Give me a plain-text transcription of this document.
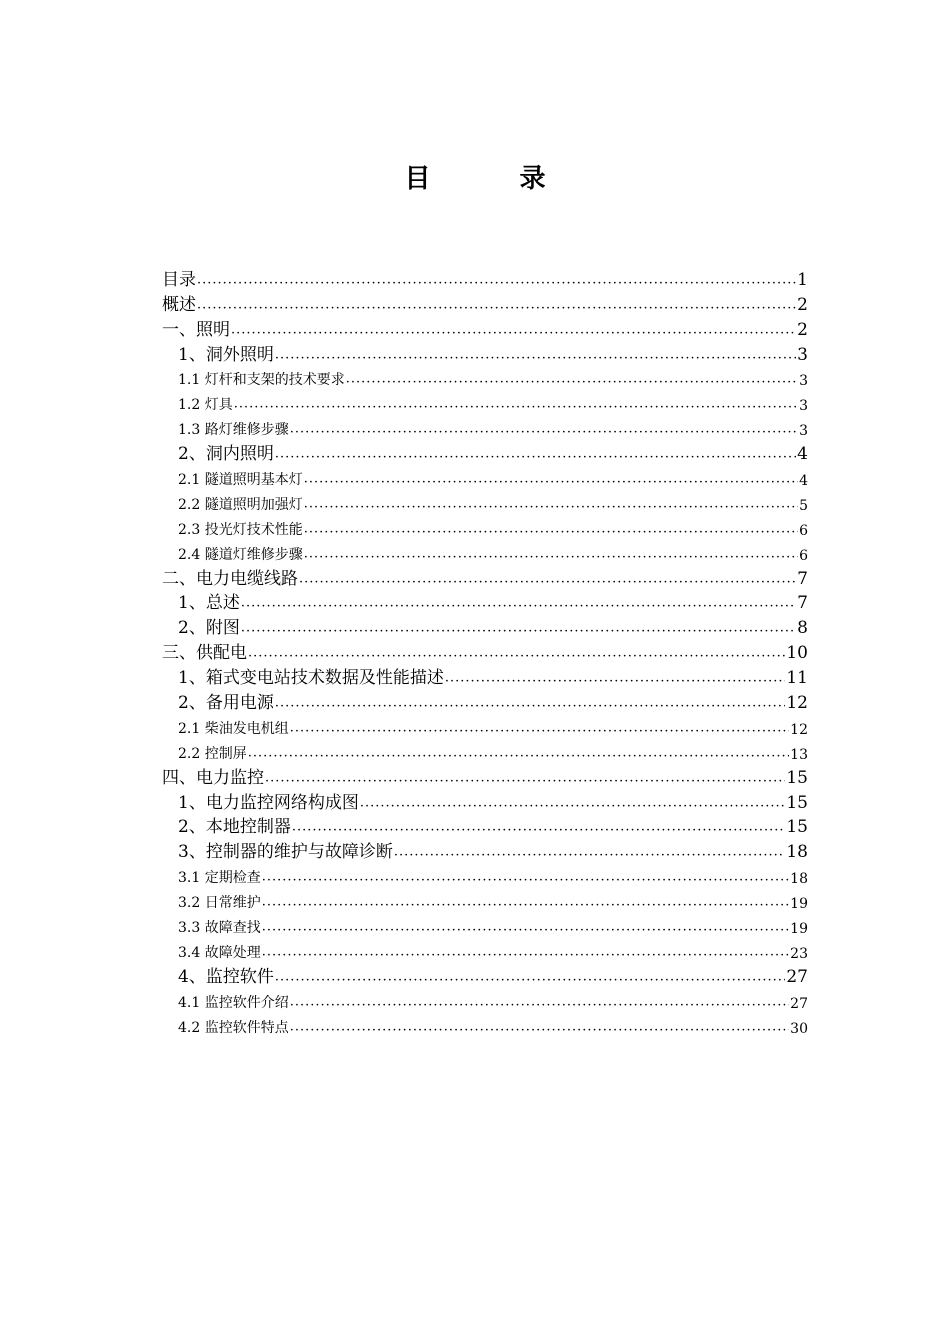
目 录
目录 ·····	1
概述 ·····	2
一、照明 ·····	2
1、洞外照明 ·····	3
1.1 灯杆和支架的技术要求 ·····	3
1.2 灯具 ·····	3
1.3 路灯维修步骤 ·····	3
2、洞内照明 ·····	4
2.1 隧道照明基本灯 ·····	4
2.2 隧道照明加强灯 ·····	5
2.3 投光灯技术性能 ·····	6
2.4 隧道灯维修步骤 ·····	6
二、电力电缆线路 ·····	7
1、总述 ·····	7
2、附图 ·····	8
三、供配电 ·····	10
1、箱式变电站技术数据及性能描述 ·····	11
2、备用电源 ·····	12
2.1 柴油发电机组 ·····	12
2.2 控制屏 ·····	13
四、电力监控 ·····	15
1、电力监控网络构成图 ·····	15
2、本地控制器 ·····	15
3、控制器的维护与故障诊断 ·····	18
3.1 定期检查 ·····	18
3.2 日常维护 ·····	19
3.3 故障查找 ·····	19
3.4 故障处理 ·····	23
4、监控软件 ·····	27
4.1 监控软件介绍 ·····	27
4.2 监控软件特点 ·····	30
